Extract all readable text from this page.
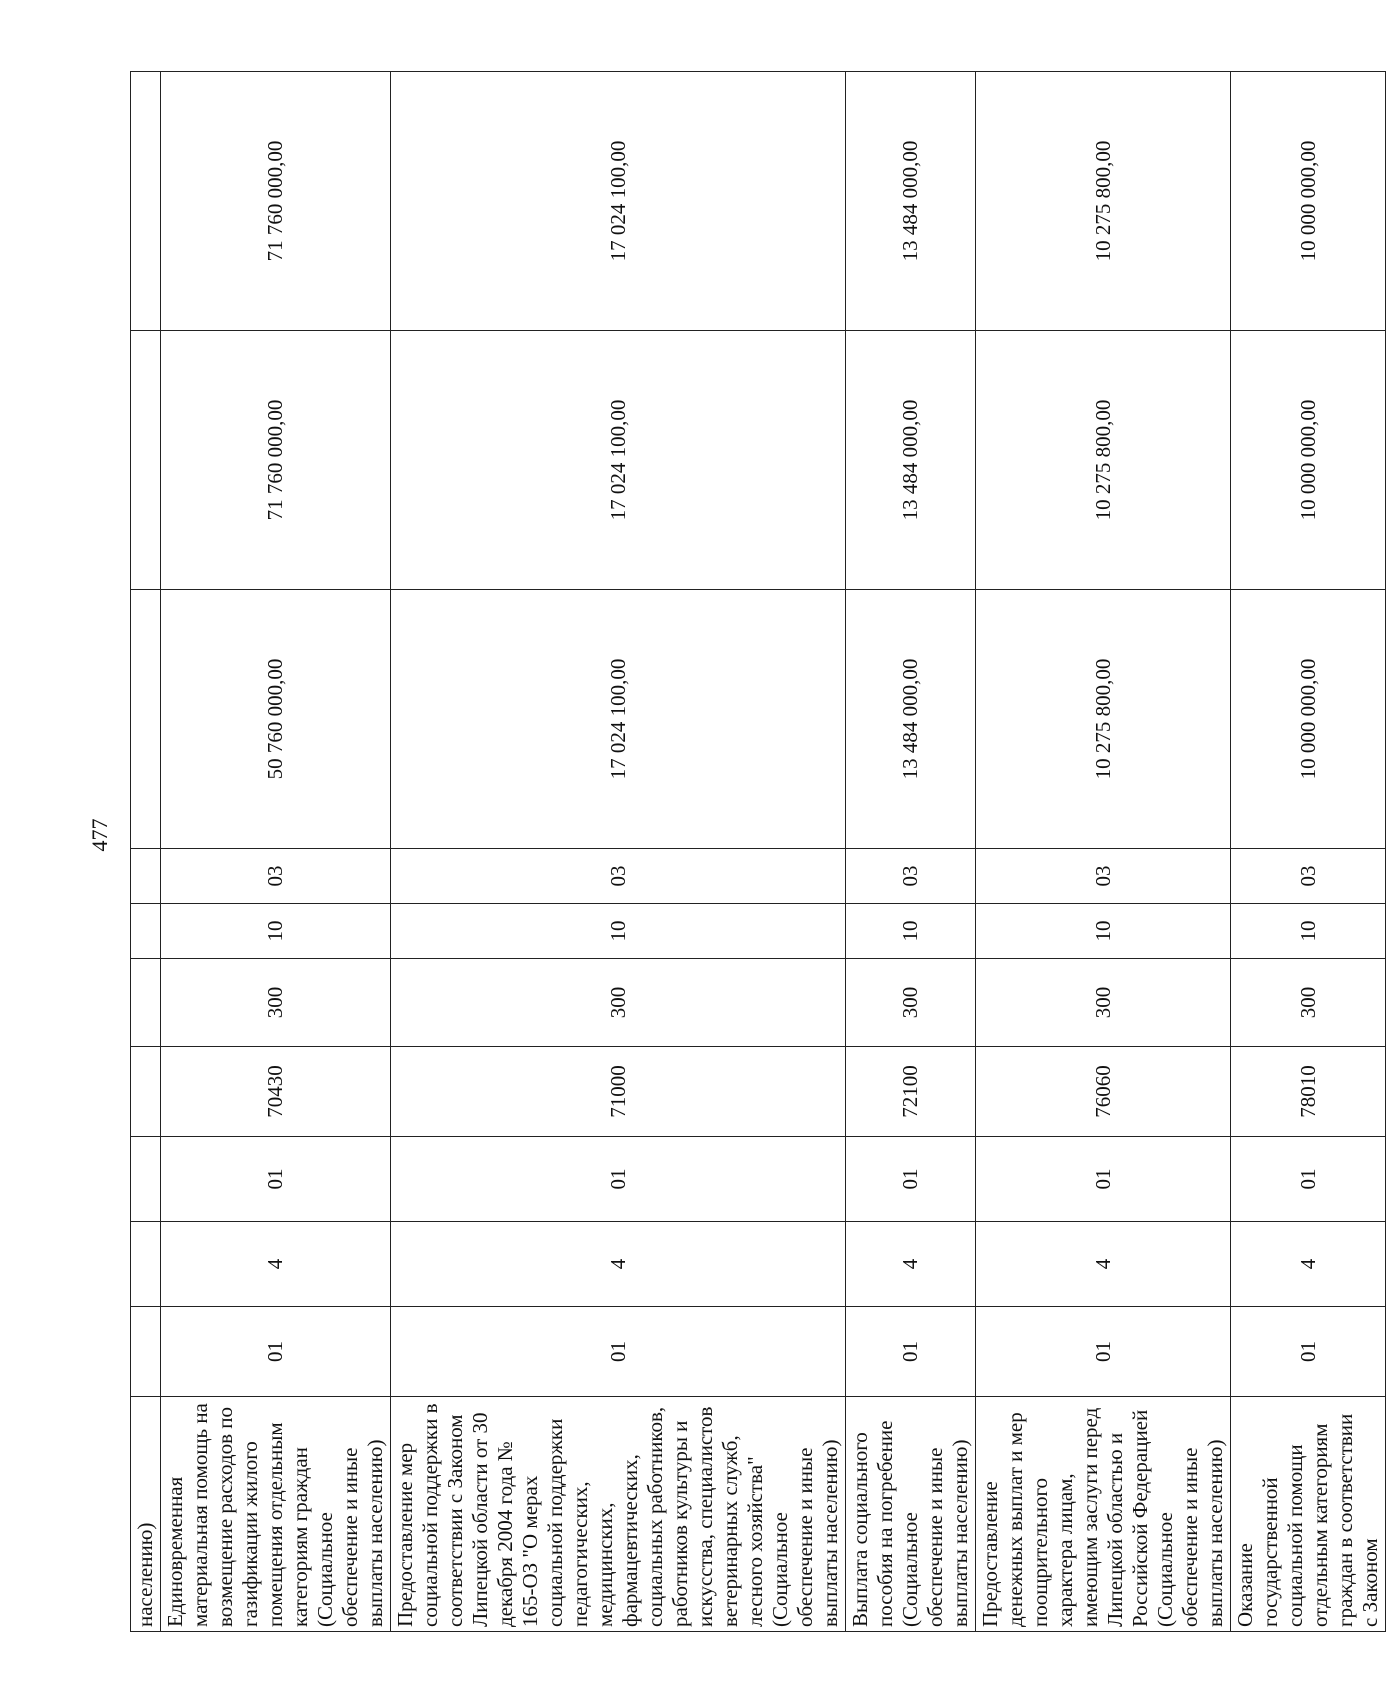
477
населению)										
Единовременная материальная помощь на возмещение расходов по газификации жилого помещения отдельным категориям граждан (Социальное обеспечение и иные выплаты населению)	01	4	01	70430	300	10	03	50 760 000,00	71 760 000,00	71 760 000,00
Предоставление мер социальной поддержки в соответствии с Законом Липецкой области от 30 декабря 2004 года № 165-ОЗ "О мерах социальной поддержки педагогических, медицинских, фармацевтических, социальных работников, работников культуры и искусства, специалистов ветеринарных служб, лесного хозяйства" (Социальное обеспечение и иные выплаты населению)	01	4	01	71000	300	10	03	17 024 100,00	17 024 100,00	17 024 100,00
Выплата социального пособия на погребение (Социальное обеспечение и иные выплаты населению)	01	4	01	72100	300	10	03	13 484 000,00	13 484 000,00	13 484 000,00
Предоставление денежных выплат и мер поощрительного характера лицам, имеющим заслуги перед Липецкой областью и Российской Федерацией (Социальное обеспечение и иные выплаты населению)	01	4	01	76060	300	10	03	10 275 800,00	10 275 800,00	10 275 800,00
Оказание государственной социальной помощи отдельным категориям граждан в соответствии с Законом	01	4	01	78010	300	10	03	10 000 000,00	10 000 000,00	10 000 000,00
